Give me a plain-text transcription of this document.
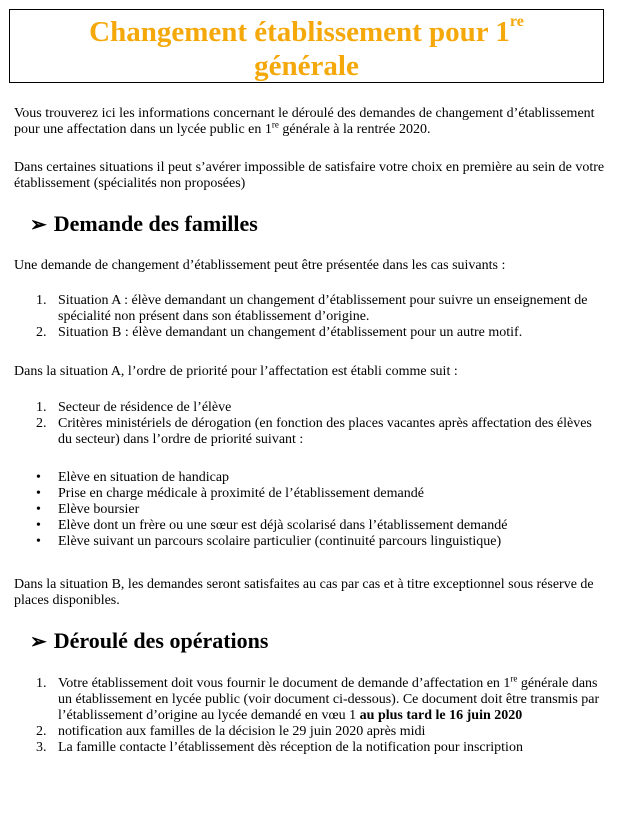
Changement établissement pour 1re
générale
Vous trouverez ici les informations concernant le déroulé des demandes de changement d’établissement pour une affectation dans un lycée public en 1re générale à la rentrée 2020.
Dans certaines situations il peut s’avérer impossible de satisfaire votre choix en première au sein de votre établissement (spécialités non proposées)
➢ Demande des familles
Une demande de changement d’établissement peut être présentée dans les cas suivants :
1. Situation A : élève demandant un changement d’établissement pour suivre un enseignement de spécialité non présent dans son établissement d’origine.
2. Situation B : élève demandant un changement d’établissement pour un autre motif.
Dans la situation A, l’ordre de priorité pour l’affectation est établi comme suit :
1. Secteur de résidence de l’élève
2. Critères ministériels de dérogation (en fonction des places vacantes après affectation des élèves du secteur) dans l’ordre de priorité suivant :
• Elève en situation de handicap
• Prise en charge médicale à proximité de l’établissement demandé
• Elève boursier
• Elève dont un frère ou une sœur est déjà scolarisé dans l’établissement demandé
• Elève suivant un parcours scolaire particulier (continuité parcours linguistique)
Dans la situation B, les demandes seront satisfaites au cas par cas et à titre exceptionnel sous réserve de places disponibles.
➢ Déroulé des opérations
1. Votre établissement doit vous fournir le document de demande d’affectation en 1re générale dans un établissement en lycée public (voir document ci-dessous). Ce document doit être transmis par l’établissement d’origine au lycée demandé en vœu 1 au plus tard le 16 juin 2020
2. notification aux familles de la décision le 29 juin 2020 après midi
3. La famille contacte l’établissement dès réception de la notification pour inscription
